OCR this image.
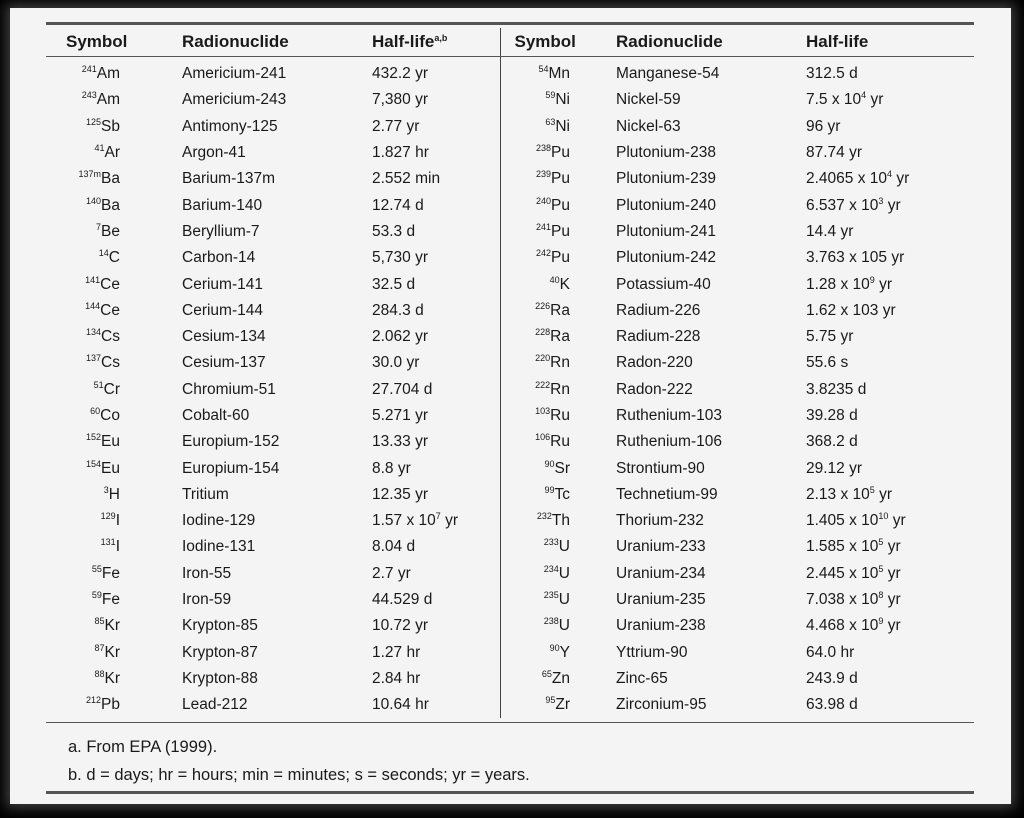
Symbol	Radionuclide	Half-life$^{a,b}$	Symbol	Radionuclide	Half-life

$^{241}$Am	Americium-241	432.2 yr	$^{54}$Mn	Manganese-54	312.5 d
$^{243}$Am	Americium-243	7,380 yr	$^{59}$Ni	Nickel-59	7.5 x $10^4$ yr
$^{125}$Sb	Antimony-125	2.77 yr	$^{63}$Ni	Nickel-63	96 yr
$^{41}$Ar	Argon-41	1.827 hr	$^{238}$Pu	Plutonium-238	87.74 yr
$^{137m}$Ba	Barium-137m	2.552 min	$^{239}$Pu	Plutonium-239	2.4065 x $10^4$ yr
$^{140}$Ba	Barium-140	12.74 d	$^{240}$Pu	Plutonium-240	6.537 x $10^3$ yr
$^7$Be	Beryllium-7	53.3 d	$^{241}$Pu	Plutonium-241	14.4 yr
$^{14}$C	Carbon-14	5,730 yr	$^{242}$Pu	Plutonium-242	3.763 x 105 yr
$^{141}$Ce	Cerium-141	32.5 d	$^{40}$K	Potassium-40	1.28 x $10^9$ yr
$^{144}$Ce	Cerium-144	284.3 d	$^{226}$Ra	Radium-226	1.62 x 103 yr
$^{134}$Cs	Cesium-134	2.062 yr	$^{228}$Ra	Radium-228	5.75 yr
$^{137}$Cs	Cesium-137	30.0 yr	$^{220}$Rn	Radon-220	55.6 s
$^{51}$Cr	Chromium-51	27.704 d	$^{222}$Rn	Radon-222	3.8235 d
$^{60}$Co	Cobalt-60	5.271 yr	$^{103}$Ru	Ruthenium-103	39.28 d
$^{152}$Eu	Europium-152	13.33 yr	$^{106}$Ru	Ruthenium-106	368.2 d
$^{154}$Eu	Europium-154	8.8 yr	$^{90}$Sr	Strontium-90	29.12 yr
$^3$H	Tritium	12.35 yr	$^{99}$Tc	Technetium-99	2.13 x $10^5$ yr
$^{129}$I	Iodine-129	1.57 x $10^7$ yr	$^{232}$Th	Thorium-232	1.405 x $10^{10}$ yr
$^{131}$I	Iodine-131	8.04 d	$^{233}$U	Uranium-233	1.585 x $10^5$ yr
$^{55}$Fe	Iron-55	2.7 yr	$^{234}$U	Uranium-234	2.445 x $10^5$ yr
$^{59}$Fe	Iron-59	44.529 d	$^{235}$U	Uranium-235	7.038 x $10^8$ yr
$^{85}$Kr	Krypton-85	10.72 yr	$^{238}$U	Uranium-238	4.468 x $10^9$ yr
$^{87}$Kr	Krypton-87	1.27 hr	$^{90}$Y	Yttrium-90	64.0 hr
$^{88}$Kr	Krypton-88	2.84 hr	$^{65}$Zn	Zinc-65	243.9 d
$^{212}$Pb	Lead-212	10.64 hr	$^{95}$Zr	Zirconium-95	63.98 d
a. From EPA (1999).
b. d = days; hr = hours; min = minutes; s = seconds; yr = years.
